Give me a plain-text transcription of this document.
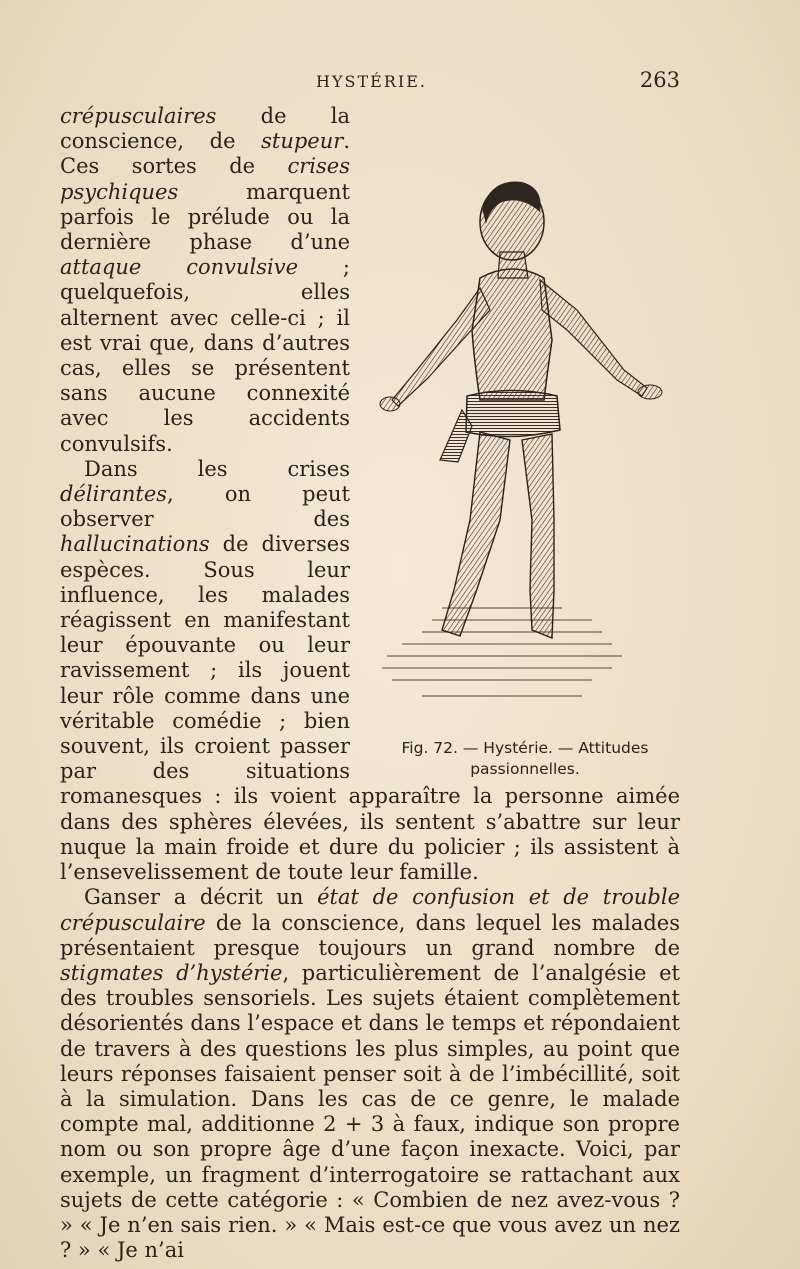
HYSTÉRIE.	263
Fig. 72. — Hystérie. — Attitudes
passionnelles.

crépusculaires de la conscience, de stupeur. Ces sortes de crises psychiques marquent parfois le prélude ou la dernière phase d’une attaque convulsive ; quelquefois, elles alternent avec celle-ci ; il est vrai que, dans d’autres cas, elles se présentent sans aucune connexité avec les accidents convulsifs.

Dans les crises délirantes, on peut observer des hallucinations de diverses espèces. Sous leur influence, les malades réagissent en manifestant leur épouvante ou leur ravissement ; ils jouent leur rôle comme dans une véritable comédie ; bien souvent, ils croient passer par des situations romanesques : ils voient apparaître la personne aimée dans des sphères élevées, ils sentent s’abattre sur leur nuque la main froide et dure du policier ; ils assistent à l’ensevelissement de toute leur famille.

Ganser a décrit un état de confusion et de trouble crépusculaire de la conscience, dans lequel les malades présentaient presque toujours un grand nombre de stigmates d’hystérie, particulièrement de l’analgésie et des troubles sensoriels. Les sujets étaient complètement désorientés dans l’espace et dans le temps et répondaient de travers à des questions les plus simples, au point que leurs réponses faisaient penser soit à de l’imbécillité, soit à la simulation. Dans les cas de ce genre, le malade compte mal, additionne 2 + 3 à faux, indique son propre nom ou son propre âge d’une façon inexacte. Voici, par exemple, un fragment d’interrogatoire se rattachant aux sujets de cette catégorie : « Combien de nez avez-vous ? » « Je n’en sais rien. » « Mais est-ce que vous avez un nez ? » « Je n’ai
